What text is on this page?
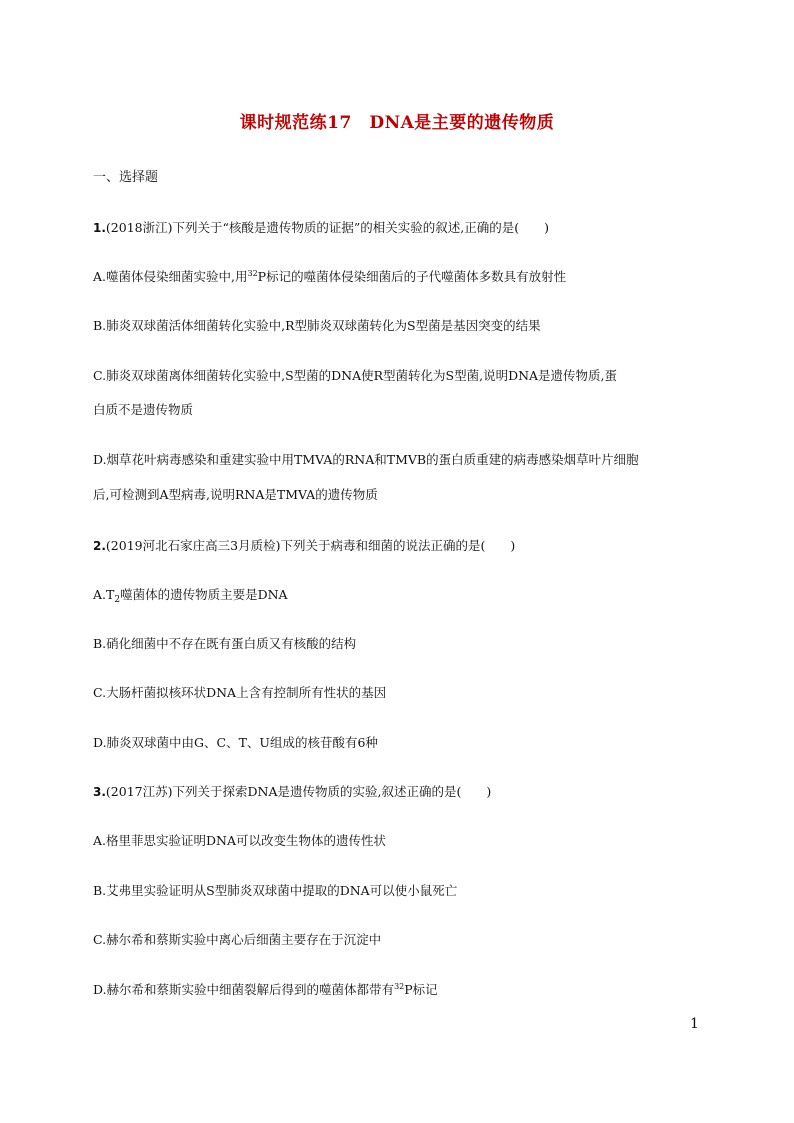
课时规范练17　DNA是主要的遗传物质
一、选择题
1.(2018浙江)下列关于“核酸是遗传物质的证据”的相关实验的叙述,正确的是(　　)
A.噬菌体侵染细菌实验中,用$^{32}$P标记的噬菌体侵染细菌后的子代噬菌体多数具有放射性
B.肺炎双球菌活体细菌转化实验中,R型肺炎双球菌转化为S型菌是基因突变的结果
C.肺炎双球菌离体细菌转化实验中,S型菌的DNA使R型菌转化为S型菌,说明DNA是遗传物质,蛋
白质不是遗传物质
D.烟草花叶病毒感染和重建实验中用TMVA的RNA和TMVB的蛋白质重建的病毒感染烟草叶片细胞
后,可检测到A型病毒,说明RNA是TMVA的遗传物质
2.(2019河北石家庄高三3月质检)下列关于病毒和细菌的说法正确的是(　　)
$A.T_2$噬菌体的遗传物质主要是DNA
B.硝化细菌中不存在既有蛋白质又有核酸的结构
C.大肠杆菌拟核环状DNA上含有控制所有性状的基因
D.肺炎双球菌中由G、C、T、U组成的核苷酸有6种
3.(2017江苏)下列关于探索DNA是遗传物质的实验,叙述正确的是(　　)
A.格里菲思实验证明DNA可以改变生物体的遗传性状
B.艾弗里实验证明从S型肺炎双球菌中提取的DNA可以使小鼠死亡
C.赫尔希和蔡斯实验中离心后细菌主要存在于沉淀中
D.赫尔希和蔡斯实验中细菌裂解后得到的噬菌体都带有$^{32}$P标记
1
